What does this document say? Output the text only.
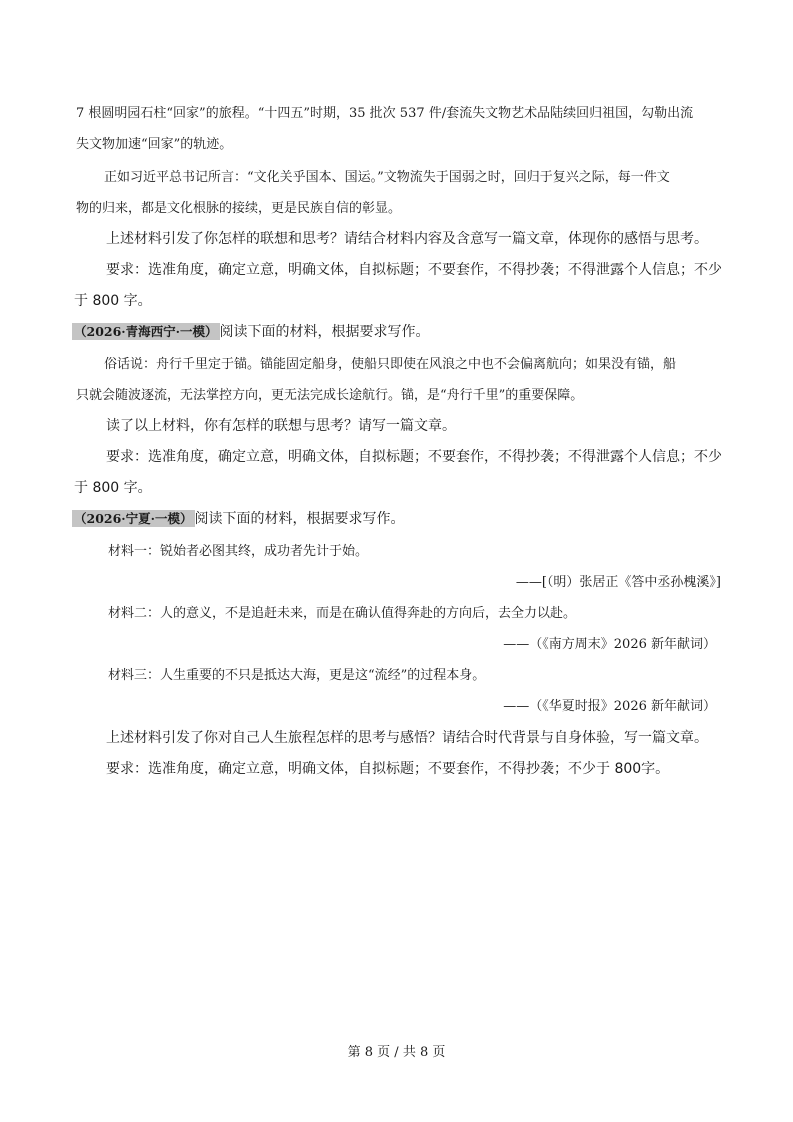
7 根圆明园石柱“回家”的旅程。“十四五”时期，35 批次 537 件/套流失文物艺术品陆续回归祖国，勾勒出流
失文物加速“回家”的轨迹。
正如习近平总书记所言：“文化关乎国本、国运。”文物流失于国弱之时，回归于复兴之际，每一件文
物的归来，都是文化根脉的接续，更是民族自信的彰显。
上述材料引发了你怎样的联想和思考？请结合材料内容及含意写一篇文章，体现你的感悟与思考。
要求：选准角度，确定立意，明确文体，自拟标题；不要套作，不得抄袭；不得泄露个人信息；不少
于 800 字。
（2026·青海西宁·一模） 阅读下面的材料，根据要求写作。
俗话说：舟行千里定于锚。锚能固定船身，使船只即使在风浪之中也不会偏离航向；如果没有锚，船
只就会随波逐流，无法掌控方向，更无法完成长途航行。锚，是“舟行千里”的重要保障。
读了以上材料，你有怎样的联想与思考？请写一篇文章。
要求：选准角度，确定立意，明确文体，自拟标题；不要套作，不得抄袭；不得泄露个人信息；不少
于 800 字。
（2026·宁夏·一模） 阅读下面的材料，根据要求写作。
材料一：锐始者必图其终，成功者先计于始。
——[（明）张居正《答中丞孙槐溪》]
材料二：人的意义，不是追赶未来，而是在确认值得奔赴的方向后，去全力以赴。
——（《南方周末》2026 新年献词）
材料三：人生重要的不只是抵达大海，更是这“流经”的过程本身。
——（《华夏时报》2026 新年献词）
上述材料引发了你对自己人生旅程怎样的思考与感悟？请结合时代背景与自身体验，写一篇文章。
要求：选准角度，确定立意，明确文体，自拟标题；不要套作，不得抄袭；不少于 800字。
第 8 页 / 共 8 页
